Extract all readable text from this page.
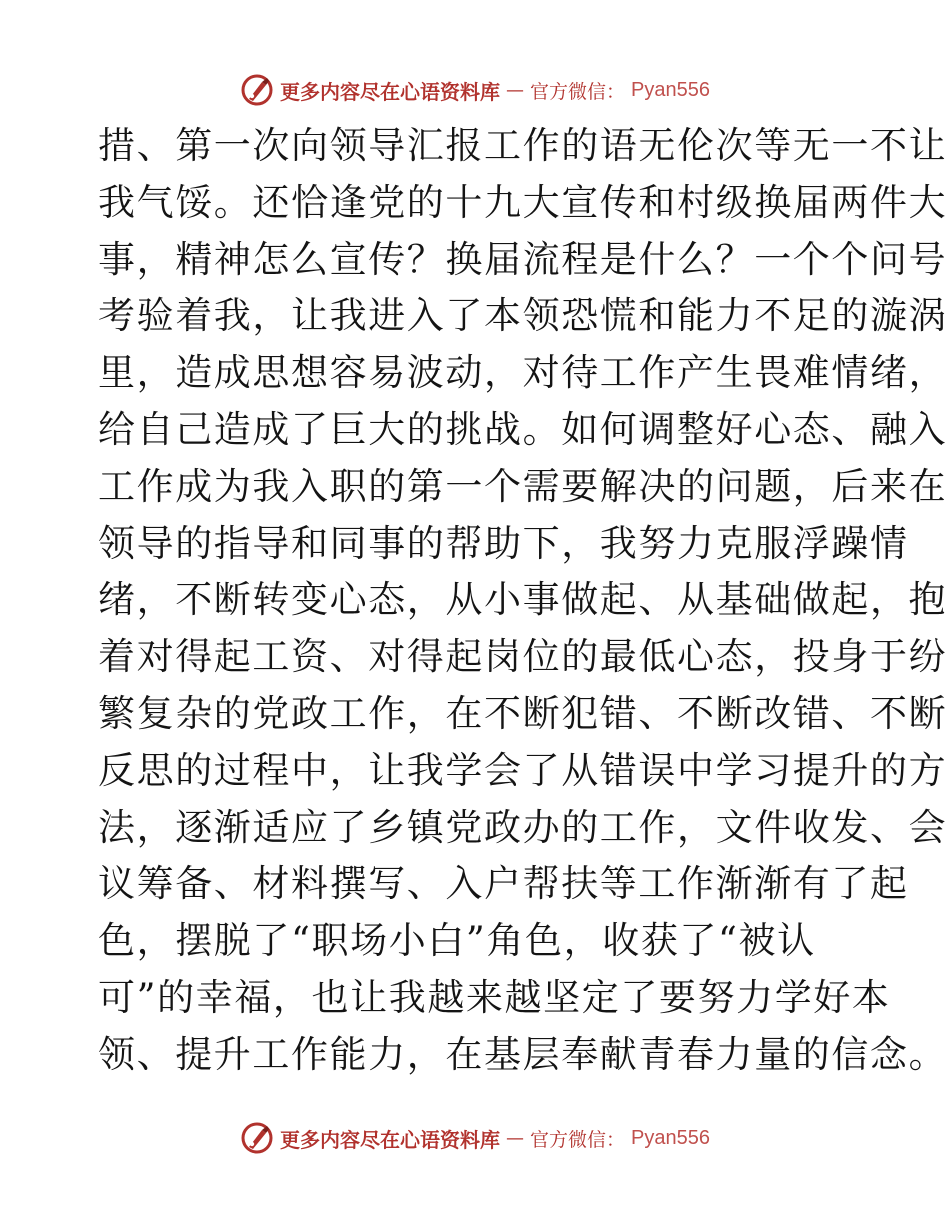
更多内容尽在心语资料库 — 官方微信： Pyan556
措、第一次向领导汇报工作的语无伦次等无一不让
我气馁。还恰逢党的十九大宣传和村级换届两件大
事，精神怎么宣传？换届流程是什么？一个个问号
考验着我，让我进入了本领恐慌和能力不足的漩涡
里，造成思想容易波动，对待工作产生畏难情绪，
给自己造成了巨大的挑战。如何调整好心态、融入
工作成为我入职的第一个需要解决的问题，后来在
领导的指导和同事的帮助下，我努力克服浮躁情
绪，不断转变心态，从小事做起、从基础做起，抱
着对得起工资、对得起岗位的最低心态，投身于纷
繁复杂的党政工作，在不断犯错、不断改错、不断
反思的过程中，让我学会了从错误中学习提升的方
法，逐渐适应了乡镇党政办的工作，文件收发、会
议筹备、材料撰写、入户帮扶等工作渐渐有了起
色，摆脱了“职场小白”角色，收获了“被认
可”的幸福，也让我越来越坚定了要努力学好本
领、提升工作能力，在基层奉献青春力量的信念。
更多内容尽在心语资料库 — 官方微信： Pyan556
